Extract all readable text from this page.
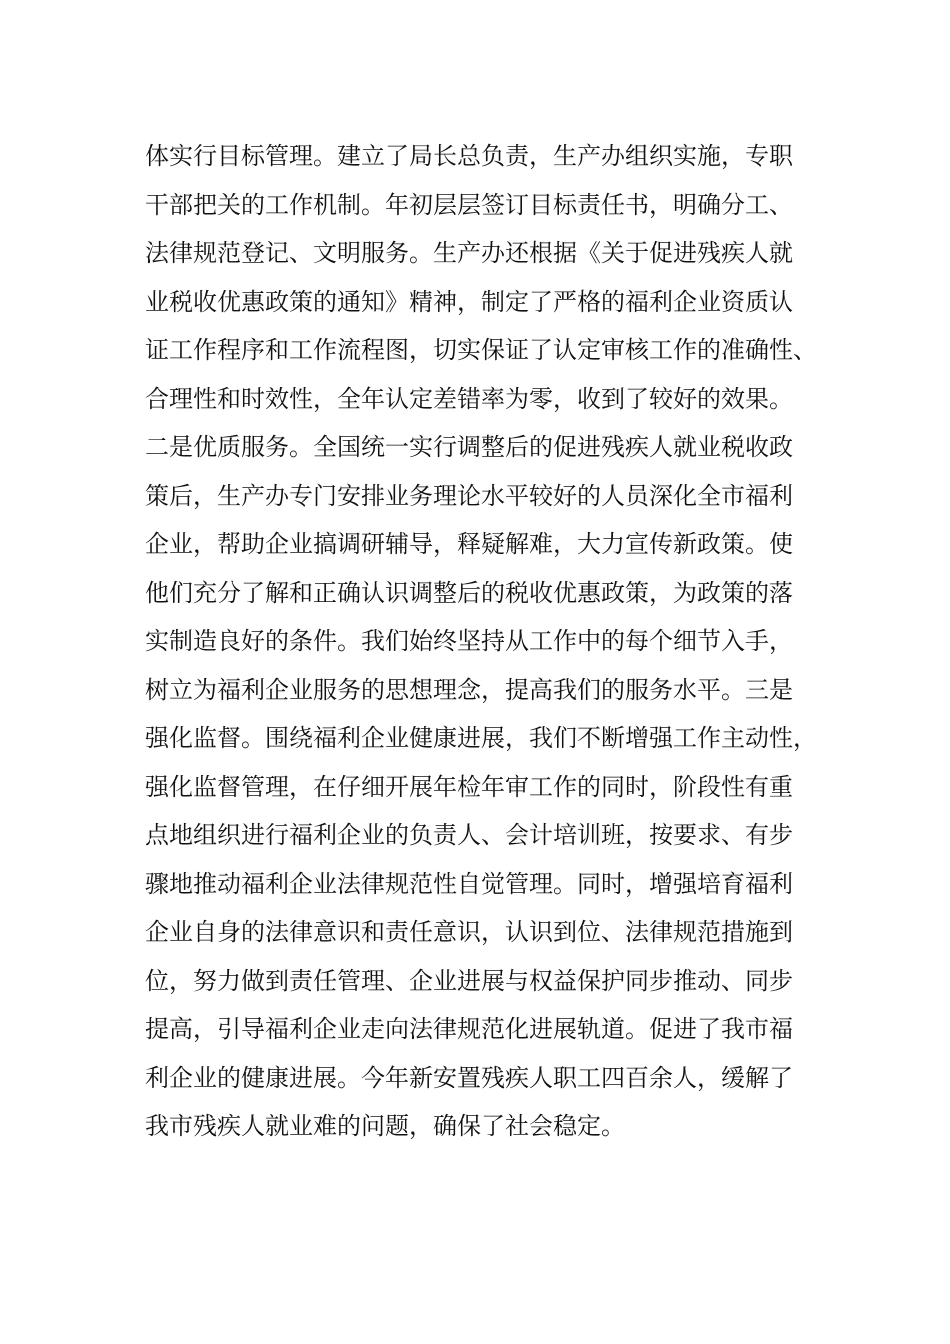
体实行目标管理。建立了局长总负责，生产办组织实施，专职
干部把关的工作机制。年初层层签订目标责任书，明确分工、
法律规范登记、文明服务。生产办还根据《关于促进残疾人就
业税收优惠政策的通知》精神，制定了严格的福利企业资质认
证工作程序和工作流程图，切实保证了认定审核工作的准确性、
合理性和时效性，全年认定差错率为零，收到了较好的效果。
二是优质服务。全国统一实行调整后的促进残疾人就业税收政
策后，生产办专门安排业务理论水平较好的人员深化全市福利
企业，帮助企业搞调研辅导，释疑解难，大力宣传新政策。使
他们充分了解和正确认识调整后的税收优惠政策，为政策的落
实制造良好的条件。我们始终坚持从工作中的每个细节入手，
树立为福利企业服务的思想理念，提高我们的服务水平。三是
强化监督。围绕福利企业健康进展，我们不断增强工作主动性，
强化监督管理，在仔细开展年检年审工作的同时，阶段性有重
点地组织进行福利企业的负责人、会计培训班，按要求、有步
骤地推动福利企业法律规范性自觉管理。同时，增强培育福利
企业自身的法律意识和责任意识，认识到位、法律规范措施到
位，努力做到责任管理、企业进展与权益保护同步推动、同步
提高，引导福利企业走向法律规范化进展轨道。促进了我市福
利企业的健康进展。今年新安置残疾人职工四百余人，缓解了
我市残疾人就业难的问题，确保了社会稳定。
